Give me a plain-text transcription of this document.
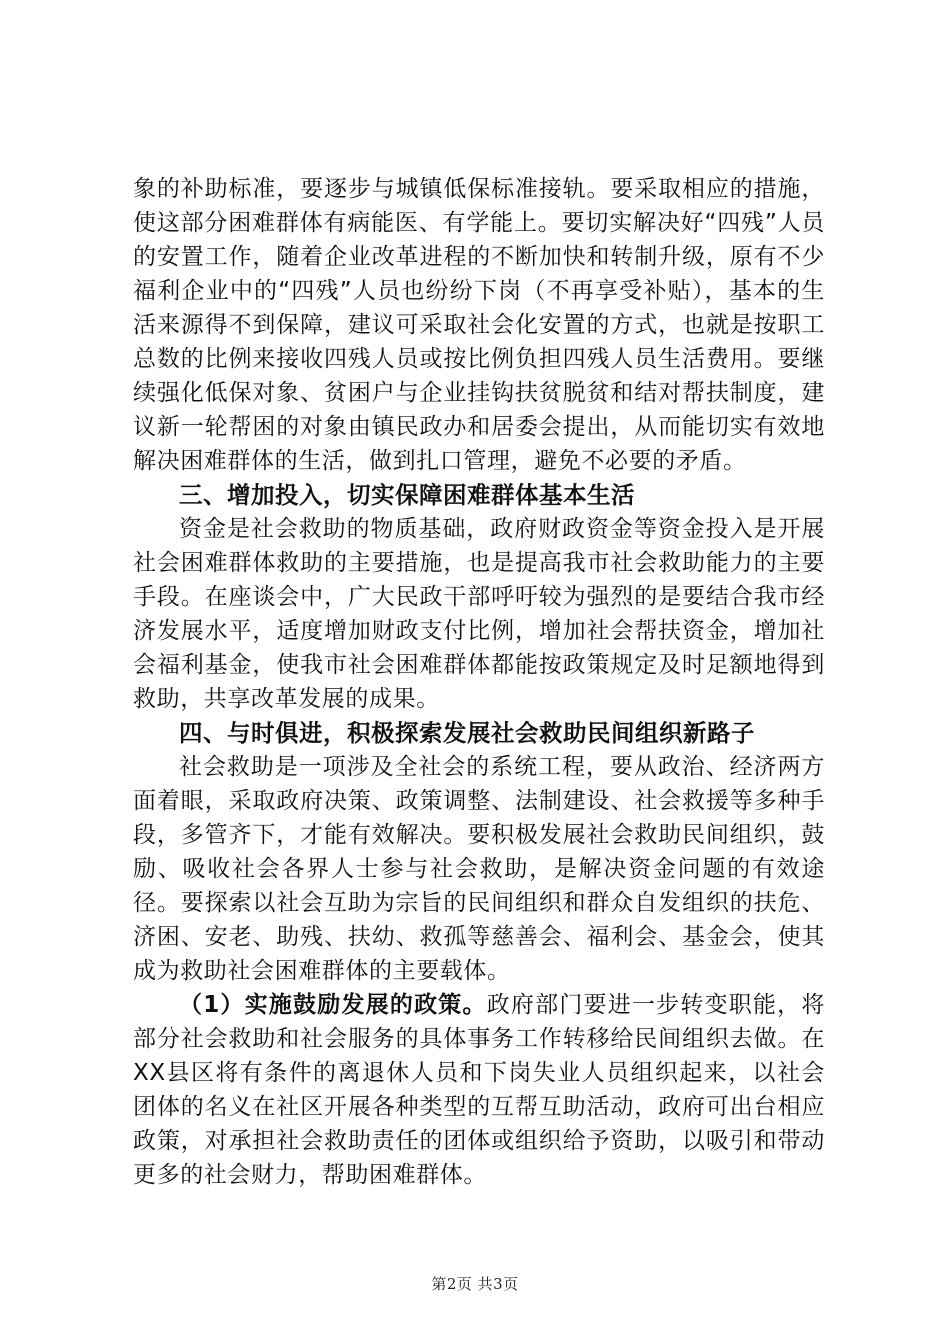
象的补助标准，要逐步与城镇低保标准接轨。要采取相应的措施，使这部分困难群体有病能医、有学能上。要切实解决好“四残”人员的安置工作，随着企业改革进程的不断加快和转制升级，原有不少福利企业中的“四残”人员也纷纷下岗（不再享受补贴），基本的生活来源得不到保障，建议可采取社会化安置的方式，也就是按职工总数的比例来接收四残人员或按比例负担四残人员生活费用。要继续强化低保对象、贫困户与企业挂钩扶贫脱贫和结对帮扶制度，建议新一轮帮困的对象由镇民政办和居委会提出，从而能切实有效地解决困难群体的生活，做到扎口管理，避免不必要的矛盾。

三、增加投入，切实保障困难群体基本生活

资金是社会救助的物质基础，政府财政资金等资金投入是开展社会困难群体救助的主要措施，也是提高我市社会救助能力的主要手段。在座谈会中，广大民政干部呼吁较为强烈的是要结合我市经济发展水平，适度增加财政支付比例，增加社会帮扶资金，增加社会福利基金，使我市社会困难群体都能按政策规定及时足额地得到救助，共享改革发展的成果。

四、与时俱进，积极探索发展社会救助民间组织新路子

社会救助是一项涉及全社会的系统工程，要从政治、经济两方面着眼，采取政府决策、政策调整、法制建设、社会救援等多种手段，多管齐下，才能有效解决。要积极发展社会救助民间组织，鼓励、吸收社会各界人士参与社会救助，是解决资金问题的有效途径。要探索以社会互助为宗旨的民间组织和群众自发组织的扶危、济困、安老、助残、扶幼、救孤等慈善会、福利会、基金会，使其成为救助社会困难群体的主要载体。

（1）实施鼓励发展的政策。政府部门要进一步转变职能，将部分社会救助和社会服务的具体事务工作转移给民间组织去做。在XX县区将有条件的离退休人员和下岗失业人员组织起来，以社会团体的名义在社区开展各种类型的互帮互助活动，政府可出台相应政策，对承担社会救助责任的团体或组织给予资助，以吸引和带动更多的社会财力，帮助困难群体。

第2页 共3页
